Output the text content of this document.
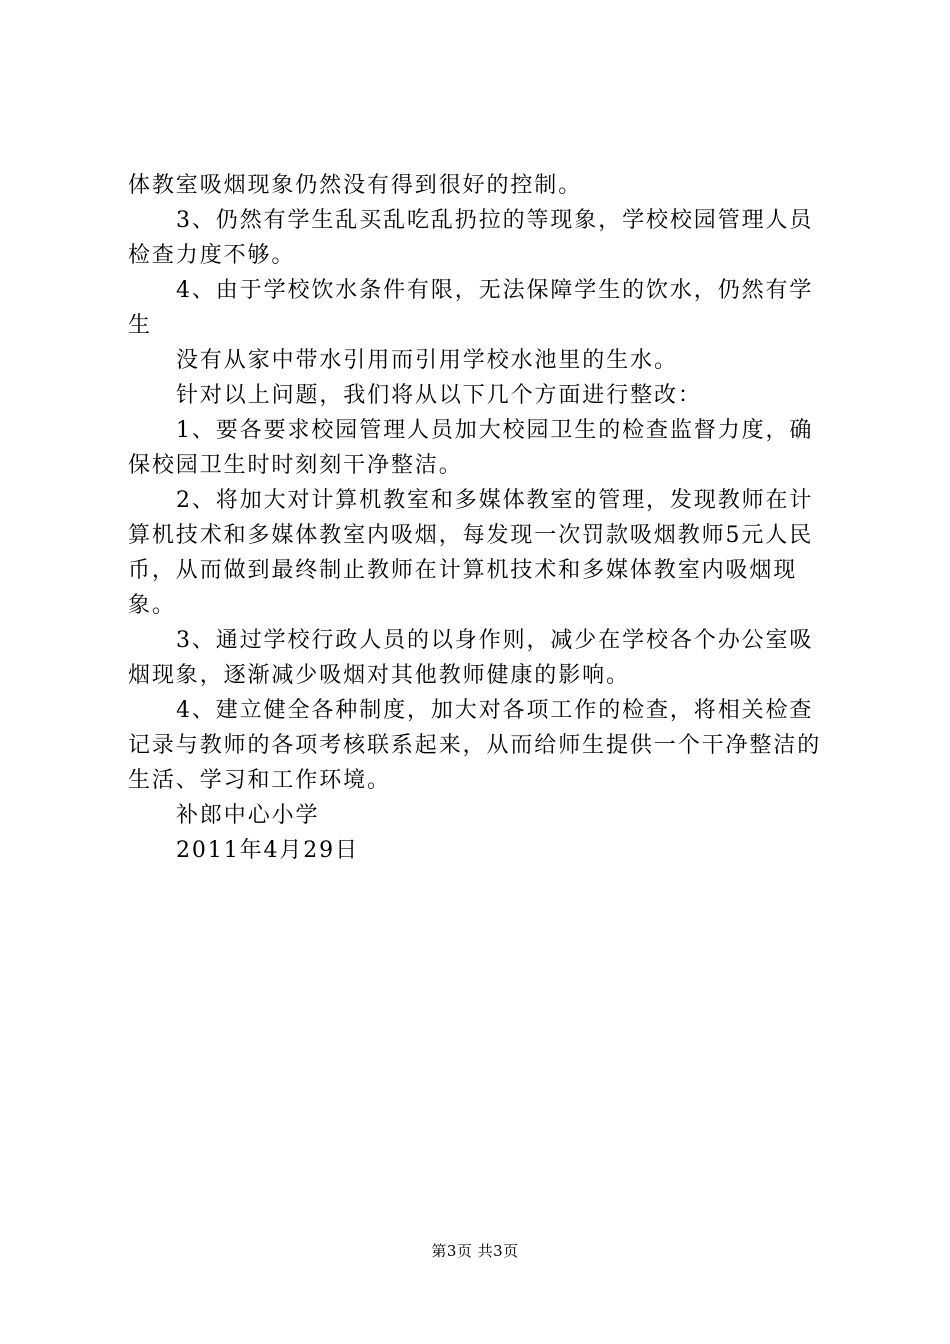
体教室吸烟现象仍然没有得到很好的控制。

3、仍然有学生乱买乱吃乱扔拉的等现象，学校校园管理人员检查力度不够。

4、由于学校饮水条件有限，无法保障学生的饮水，仍然有学生

没有从家中带水引用而引用学校水池里的生水。

针对以上问题，我们将从以下几个方面进行整改：

1、要各要求校园管理人员加大校园卫生的检查监督力度，确保校园卫生时时刻刻干净整洁。

2、将加大对计算机教室和多媒体教室的管理，发现教师在计算机技术和多媒体教室内吸烟，每发现一次罚款吸烟教师5元人民币，从而做到最终制止教师在计算机技术和多媒体教室内吸烟现象。

3、通过学校行政人员的以身作则，减少在学校各个办公室吸烟现象，逐渐减少吸烟对其他教师健康的影响。

4、建立健全各种制度，加大对各项工作的检查，将相关检查记录与教师的各项考核联系起来，从而给师生提供一个干净整洁的生活、学习和工作环境。

补郎中心小学

2011年4月29日

第3页 共3页
